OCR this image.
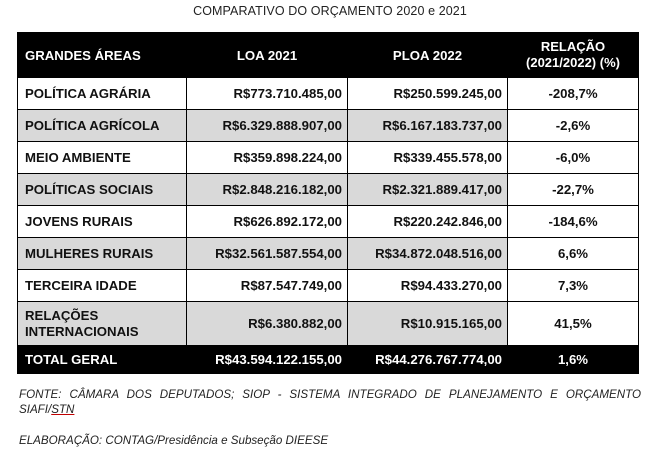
COMPARATIVO DO ORÇAMENTO 2020 e 2021
GRANDES ÁREAS	LOA 2021	PLOA 2022	RELAÇÃO
(2021/2022) (%)

POLÍTICA AGRÁRIA	R$773.710.485,00	R$250.599.245,00	-208,7%
POLÍTICA AGRÍCOLA	R$6.329.888.907,00	R$6.167.183.737,00	-2,6%
MEIO AMBIENTE	R$359.898.224,00	R$339.455.578,00	-6,0%
POLÍTICAS SOCIAIS	R$2.848.216.182,00	R$2.321.889.417,00	-22,7%
JOVENS RURAIS	R$626.892.172,00	R$220.242.846,00	-184,6%
MULHERES RURAIS	R$32.561.587.554,00	R$34.872.048.516,00	6,6%
TERCEIRA IDADE	R$87.547.749,00	R$94.433.270,00	7,3%
RELAÇÕES INTERNACIONAIS	R$6.380.882,00	R$10.915.165,00	41,5%
TOTAL GERAL	R$43.594.122.155,00	R$44.276.767.774,00	1,6%
FONTE: CÂMARA DOS DEPUTADOS; SIOP - SISTEMA INTEGRADO DE PLANEJAMENTO E ORÇAMENTO SIAFI/STN
ELABORAÇÃO: CONTAG/Presidência e Subseção DIEESE
